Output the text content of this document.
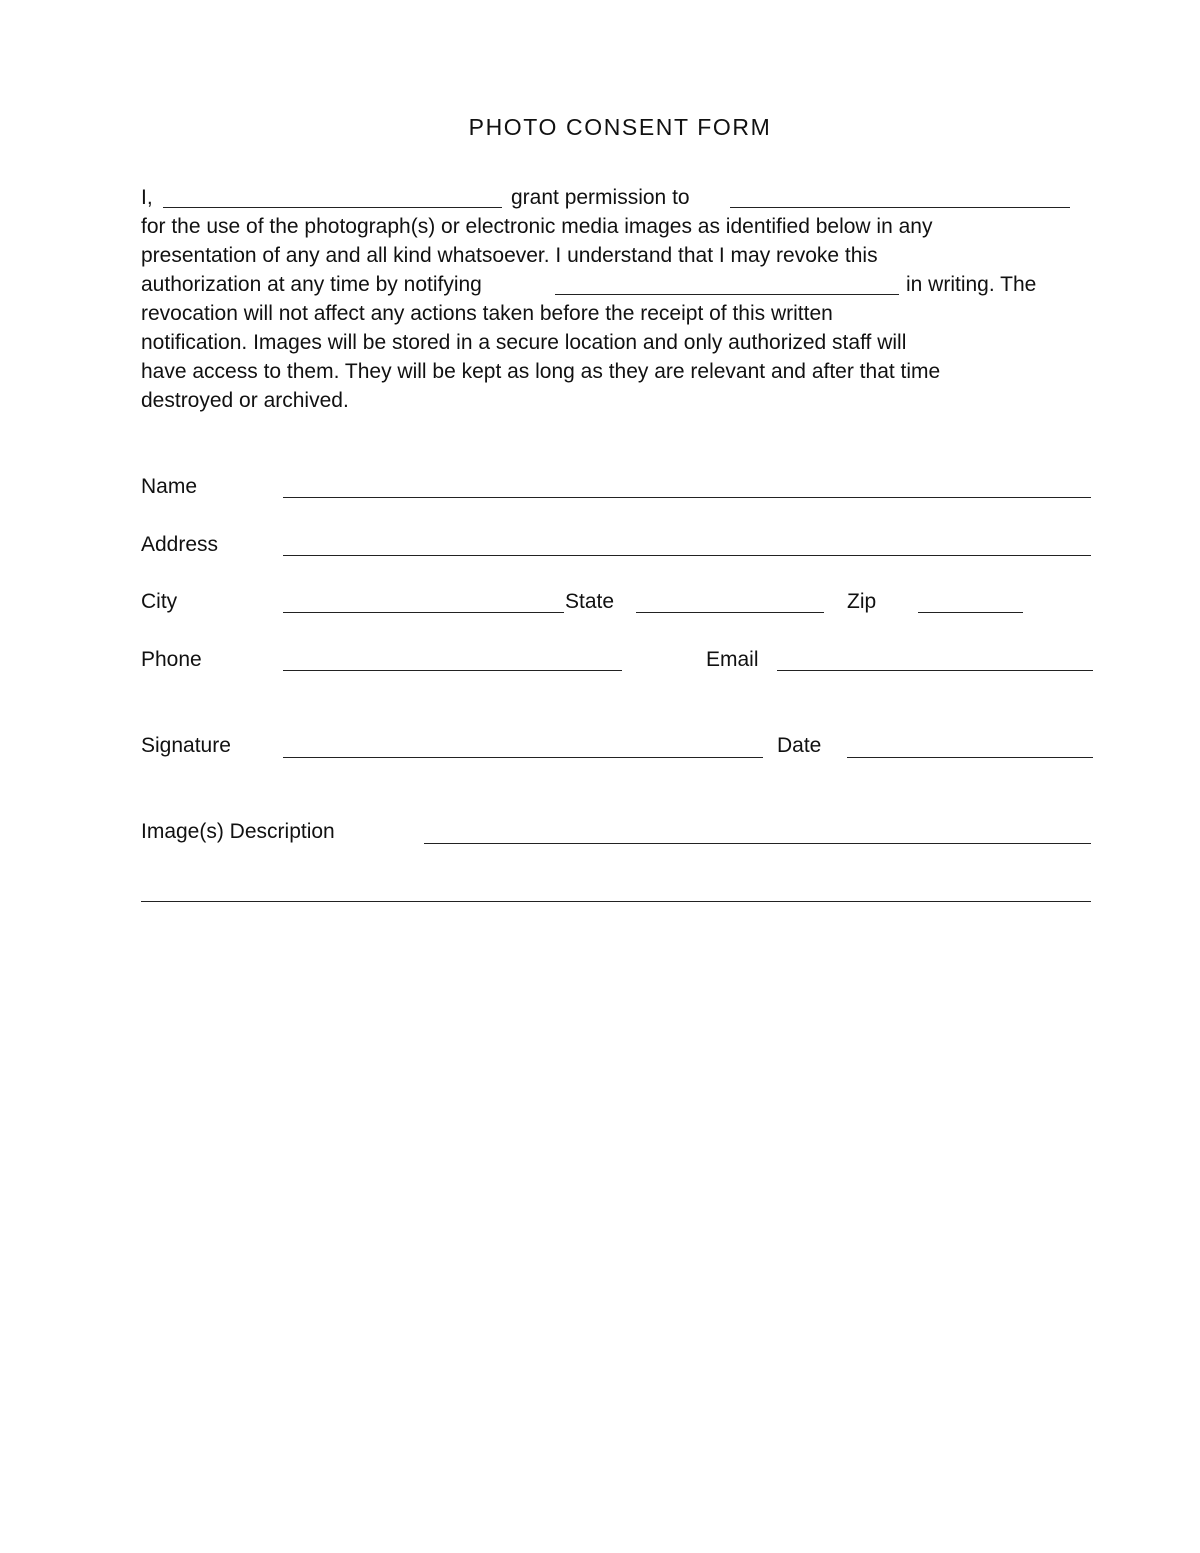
PHOTO CONSENT FORM
I,	grant permission to
for the use of the photograph(s) or electronic media images as identified below in any
presentation of any and all kind whatsoever. I understand that I may revoke this
authorization at any time by notifying	in writing. The
revocation will not affect any actions taken before the receipt of this written
notification. Images will be stored in a secure location and only authorized staff will
have access to them. They will be kept as long as they are relevant and after that time
destroyed or archived.
Name
Address
City	State	Zip
Phone	Email
Signature	Date
Image(s) Description
